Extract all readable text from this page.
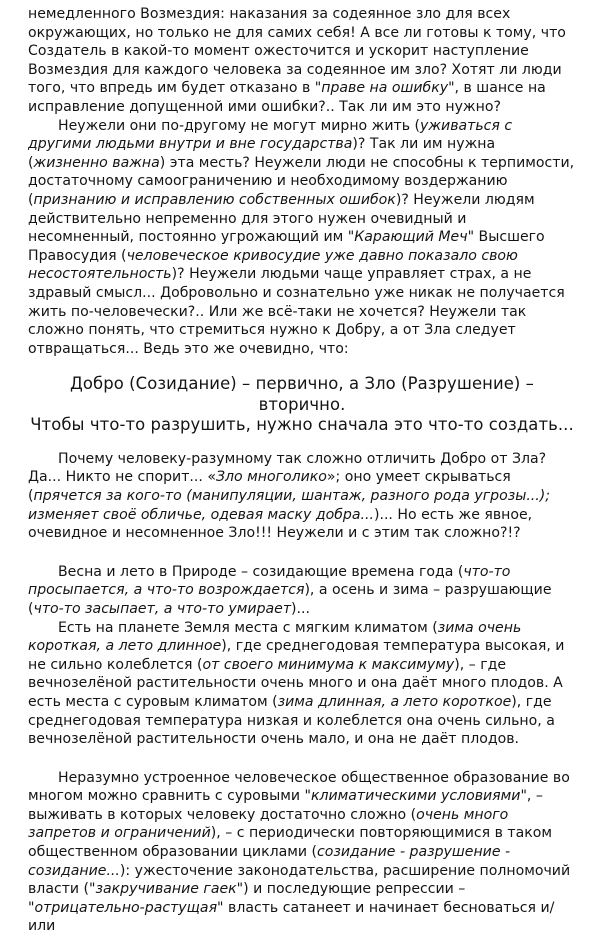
немедленного Возмездия: наказания за содеянное зло для всех окружающих, но только не для самих себя! А все ли готовы к тому, что Создатель в какой-то момент ожесточится и ускорит наступление Возмездия для каждого человека за содеянное им зло? Хотят ли люди того, что впредь им будет отказано в "праве на ошибку", в шансе на исправление допущенной ими ошибки?.. Так ли им это нужно?

Неужели они по-другому не могут мирно жить (уживаться с другими людьми внутри и вне государства)? Так ли им нужна (жизненно важна) эта месть? Неужели люди не способны к терпимости, достаточному самоограничению и необходимому воздержанию (признанию и исправлению собственных ошибок)? Неужели людям действительно непременно для этого нужен очевидный и несомненный, постоянно угрожающий им "Карающий Меч" Высшего Правосудия (человеческое кривосудие уже давно показало свою несостоятельность)? Неужели людьми чаще управляет страх, а не здравый смысл... Добровольно и сознательно уже никак не получается жить по-человечески?.. Или же всё-таки не хочется? Неужели так сложно понять, что стремиться нужно к Добру, а от Зла следует отвращаться... Ведь это же очевидно, что:

Добро (Созидание) – первично, а Зло (Разрушение) – вторично.
Чтобы что-то разрушить, нужно сначала это что-то создать...

Почему человеку-разумному так сложно отличить Добро от Зла? Да... Никто не спорит... «Зло многолико»; оно умеет скрываться (прячется за кого-то (манипуляции, шантаж, разного рода угрозы...); изменяет своё обличье, одевая маску добра...)... Но есть же явное, очевидное и несомненное Зло!!! Неужели и с этим так сложно?!?

Весна и лето в Природе – созидающие времена года (что-то просыпается, а что-то возрождается), а осень и зима – разрушающие (что-то засыпает, а что-то умирает)...

Есть на планете Земля места с мягким климатом (зима очень короткая, а лето длинное), где среднегодовая температура высокая, и не сильно колеблется (от своего минимума к максимуму), – где вечнозелёной растительности очень много и она даёт много плодов. А есть места с суровым климатом (зима длинная, а лето короткое), где среднегодовая температура низкая и колеблется она очень сильно, а вечнозелёной растительности очень мало, и она не даёт плодов.

Неразумно устроенное человеческое общественное образование во многом можно сравнить с суровыми "климатическими условиями", – выживать в которых человеку достаточно сложно (очень много запретов и ограничений), – с периодически повторяющимися в таком общественном образовании циклами (созидание - разрушение - созидание...): ужесточение законодательства, расширение полномочий власти ("закручивание гаек") и последующие репрессии – "отрицательно-растущая" власть сатанеет и начинает бесноваться и/или
